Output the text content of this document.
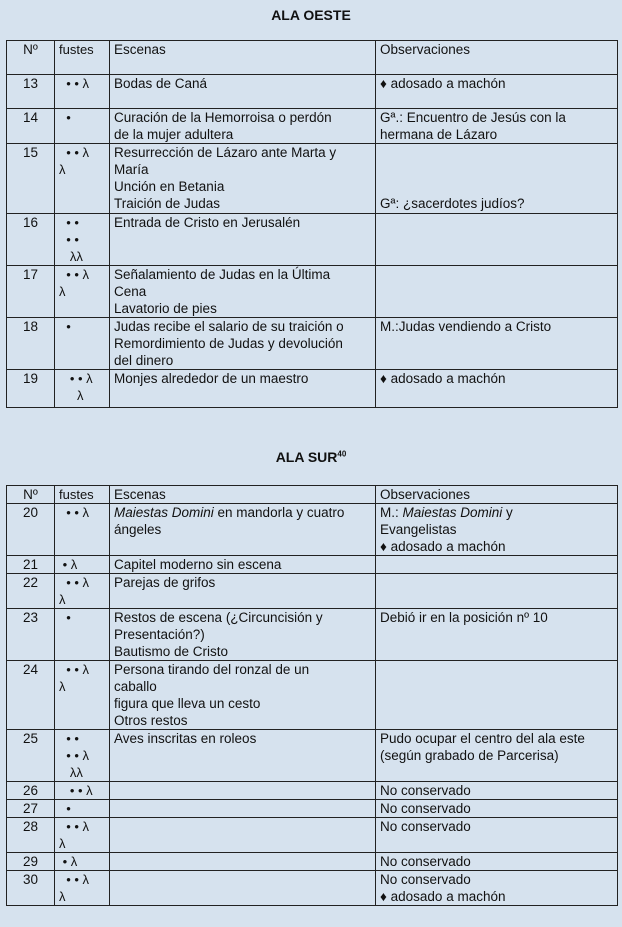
ALA OESTE
Nº	fustes	Escenas	Observaciones
13	• • λ	Bodas de Caná	♦ adosado a machón

14	•	Curación de la Hemorroisa o perdón
de la mujer adultera	Gª.: Encuentro de Jesús con la
hermana de Lázaro

15	• • λ
λ	Resurrección de Lázaro ante Marta y
María
Unción en Betania
Traición de Judas	Gª: ¿sacerdotes judíos?

16	• •
• •
λλ	Entrada de Cristo en Jerusalén	

17	• • λ
λ	Señalamiento de Judas en la Última
Cena
Lavatorio de pies	

18	•	Judas recibe el salario de su traición o
Remordimiento de Judas y devolución
del dinero	M.:Judas vendiendo a Cristo

19	• • λ
λ	Monjes alrededor de un maestro	♦ adosado a machón
ALA SUR$^{40}$
Nº	fustes	Escenas	Observaciones
20	• • λ	Maiestas Domini en mandorla y cuatro
ángeles	M.: Maiestas Domini y
Evangelistas
♦ adosado a machón

21	• λ	Capitel moderno sin escena	

22	• • λ
λ	Parejas de grifos	

23	•	Restos de escena (¿Circuncisión y
Presentación?)
Bautismo de Cristo	Debió ir en la posición nº 10

24	• • λ
λ	Persona tirando del ronzal de un
caballo
figura que lleva un cesto
Otros restos	

25	• •
• • λ
λλ	Aves inscritas en roleos	Pudo ocupar el centro del ala este
(según grabado de Parcerisa)

26	• • λ		No conservado

27	•		No conservado

28	• • λ
λ		No conservado

29	• λ		No conservado

30	• • λ
λ		No conservado
♦ adosado a machón
